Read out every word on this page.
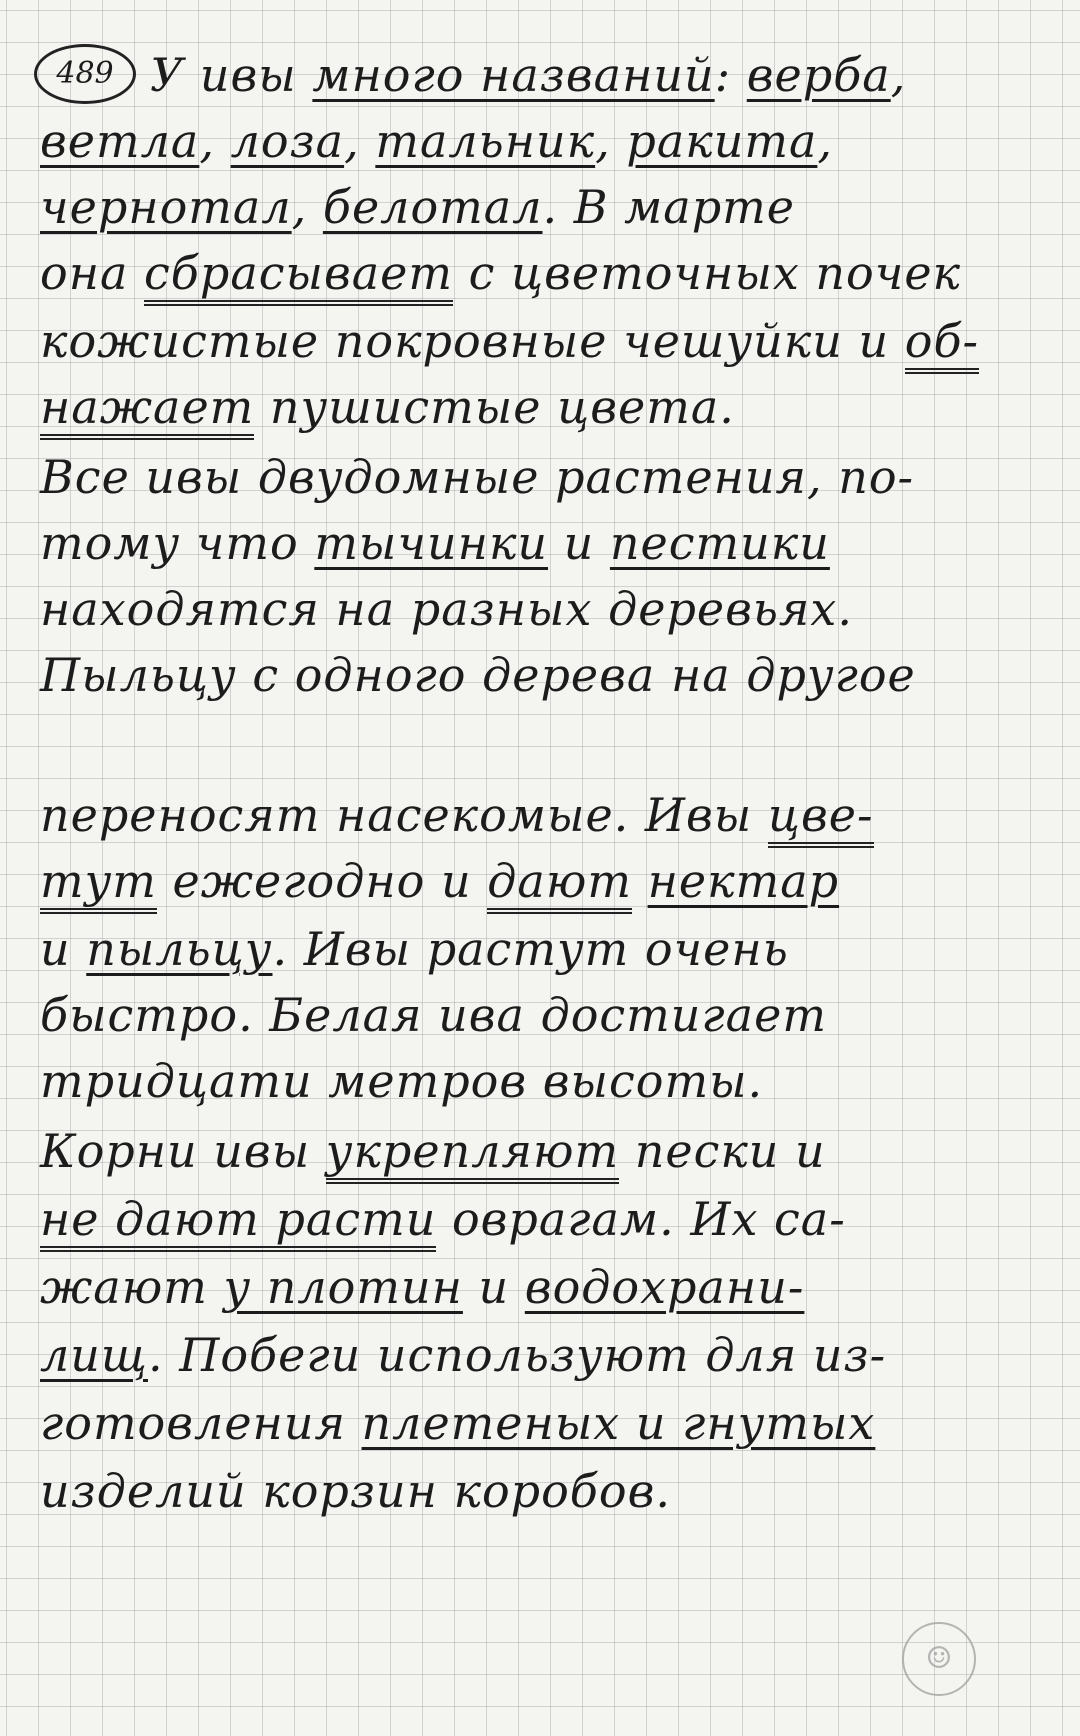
489 У ивы много названий: верба,
ветла, лоза, тальник, ракита,
чернотал, белотал. В марте
она сбрасывает с цветочных почек
кожистые покровные чешуйки и об-
нажает пушистые цвета.
Все ивы двудомные растения, по-
тому что тычинки и пестики
находятся на разных деревьях.
Пыльцу с одного дерева на другое
переносят насекомые. Ивы цве-
тут ежегодно и дают нектар
и пыльцу. Ивы растут очень
быстро. Белая ива достигает
тридцати метров высоты.
Корни ивы укрепляют пески и
не дают расти оврагам. Их са-
жают у плотин и водохрани-
лищ. Побеги используют для из-
готовления плетеных и гнутых
изделий корзин коробов.
☺
